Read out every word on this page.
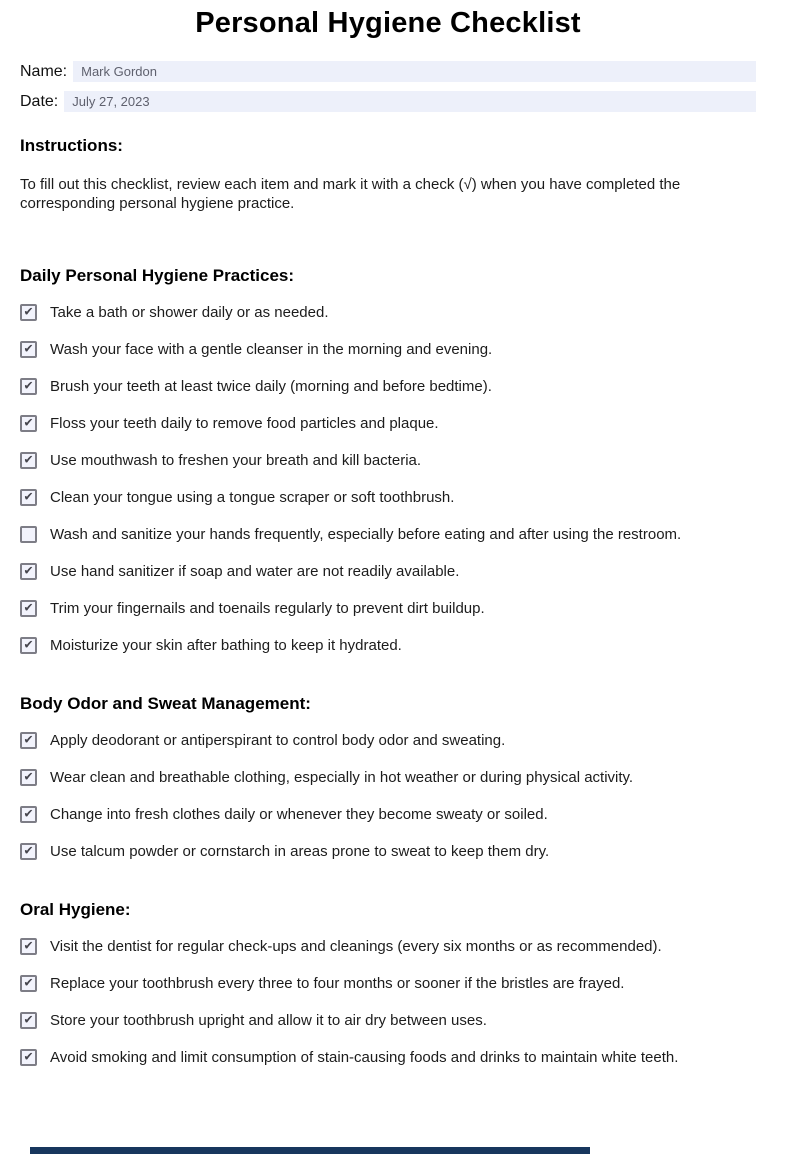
Personal Hygiene Checklist
Name:
Mark Gordon
Date:
July 27, 2023
Instructions:

To fill out this checklist, review each item and mark it with a check (√) when you have completed the corresponding personal hygiene practice.

Daily Personal Hygiene Practices:
✔ Take a bath or shower daily or as needed.
✔ Wash your face with a gentle cleanser in the morning and evening.
✔ Brush your teeth at least twice daily (morning and before bedtime).
✔ Floss your teeth daily to remove food particles and plaque.
✔ Use mouthwash to freshen your breath and kill bacteria.
✔ Clean your tongue using a tongue scraper or soft toothbrush.
Wash and sanitize your hands frequently, especially before eating and after using the restroom.
✔ Use hand sanitizer if soap and water are not readily available.
✔ Trim your fingernails and toenails regularly to prevent dirt buildup.
✔ Moisturize your skin after bathing to keep it hydrated.
Body Odor and Sweat Management:
✔ Apply deodorant or antiperspirant to control body odor and sweating.
✔ Wear clean and breathable clothing, especially in hot weather or during physical activity.
✔ Change into fresh clothes daily or whenever they become sweaty or soiled.
✔ Use talcum powder or cornstarch in areas prone to sweat to keep them dry.
Oral Hygiene:
✔ Visit the dentist for regular check-ups and cleanings (every six months or as recommended).
✔ Replace your toothbrush every three to four months or sooner if the bristles are frayed.
✔ Store your toothbrush upright and allow it to air dry between uses.
✔ Avoid smoking and limit consumption of stain-causing foods and drinks to maintain white teeth.
